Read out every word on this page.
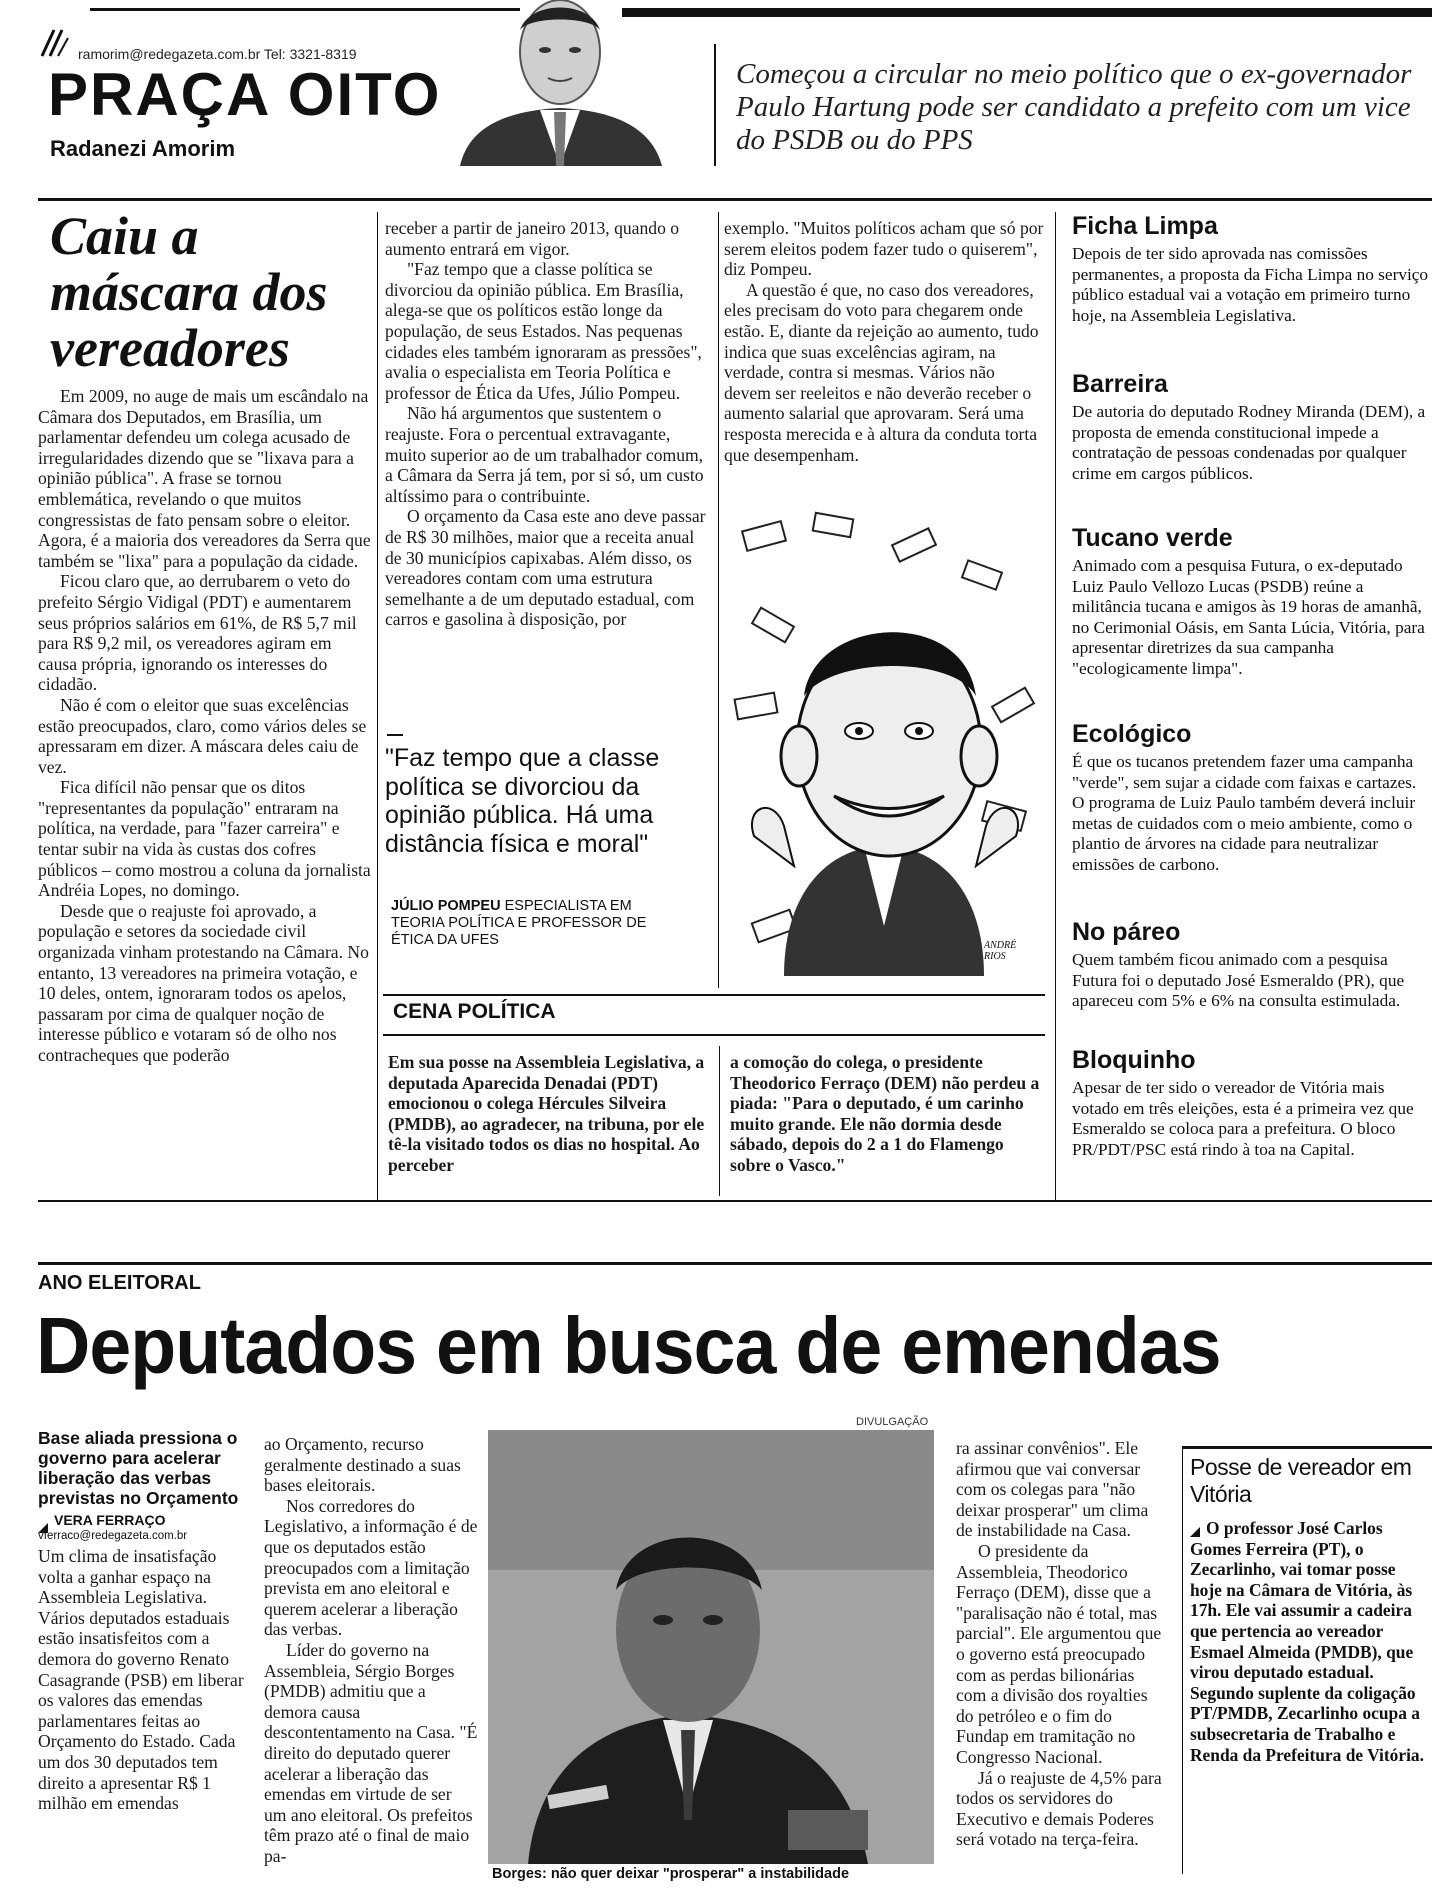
ramorim@redegazeta.com.br Tel: 3321-8319
PRAÇA OITO
Radanezi Amorim
Começou a circular no meio político que o ex-governador Paulo Hartung pode ser candidato a prefeito com um vice do PSDB ou do PPS
Caiu a máscara dos vereadores

Em 2009, no auge de mais um escândalo na Câmara dos Deputados, em Brasília, um parlamentar defendeu um colega acusado de irregularidades dizendo que se "lixava para a opinião pública". A frase se tornou emblemática, revelando o que muitos congressistas de fato pensam sobre o eleitor. Agora, é a maioria dos vereadores da Serra que também se "lixa" para a população da cidade.

Ficou claro que, ao derrubarem o veto do prefeito Sérgio Vidigal (PDT) e aumentarem seus próprios salários em 61%, de R$ 5,7 mil para R$ 9,2 mil, os vereadores agiram em causa própria, ignorando os interesses do cidadão.

Não é com o eleitor que suas excelências estão preocupados, claro, como vários deles se apressaram em dizer. A máscara deles caiu de vez.

Fica difícil não pensar que os ditos "representantes da população" entraram na política, na verdade, para "fazer carreira" e tentar subir na vida às custas dos cofres públicos – como mostrou a coluna da jornalista Andréia Lopes, no domingo.

Desde que o reajuste foi aprovado, a população e setores da sociedade civil organizada vinham protestando na Câmara. No entanto, 13 vereadores na primeira votação, e 10 deles, ontem, ignoraram todos os apelos, passaram por cima de qualquer noção de interesse público e votaram só de olho nos contracheques que poderão

receber a partir de janeiro 2013, quando o aumento entrará em vigor.

"Faz tempo que a classe política se divorciou da opinião pública. Em Brasília, alega-se que os políticos estão longe da população, de seus Estados. Nas pequenas cidades eles também ignoraram as pressões", avalia o especialista em Teoria Política e professor de Ética da Ufes, Júlio Pompeu.

Não há argumentos que sustentem o reajuste. Fora o percentual extravagante, muito superior ao de um trabalhador comum, a Câmara da Serra já tem, por si só, um custo altíssimo para o contribuinte.

O orçamento da Casa este ano deve passar de R$ 30 milhões, maior que a receita anual de 30 municípios capixabas. Além disso, os vereadores contam com uma estrutura semelhante a de um deputado estadual, com carros e gasolina à disposição, por

"Faz tempo que a classe política se divorciou da opinião pública. Há uma distância física e moral"
JÚLIO POMPEU ESPECIALISTA EM TEORIA POLÍTICA E PROFESSOR DE ÉTICA DA UFES

exemplo. "Muitos políticos acham que só por serem eleitos podem fazer tudo o quiserem", diz Pompeu.

A questão é que, no caso dos vereadores, eles precisam do voto para chegarem onde estão. E, diante da rejeição ao aumento, tudo indica que suas excelências agiram, na verdade, contra si mesmas. Vários não devem ser reeleitos e não deverão receber o aumento salarial que aprovaram. Será uma resposta merecida e à altura da conduta torta que desempenham.

ANDRÉ RIOS
CENA POLÍTICA
Em sua posse na Assembleia Legislativa, a deputada Aparecida Denadai (PDT) emocionou o colega Hércules Silveira (PMDB), ao agradecer, na tribuna, por ele tê-la visitado todos os dias no hospital. Ao perceber
a comoção do colega, o presidente Theodorico Ferraço (DEM) não perdeu a piada: "Para o deputado, é um carinho muito grande. Ele não dormia desde sábado, depois do 2 a 1 do Flamengo sobre o Vasco."
Ficha Limpa
Depois de ter sido aprovada nas comissões permanentes, a proposta da Ficha Limpa no serviço público estadual vai a votação em primeiro turno hoje, na Assembleia Legislativa.
Barreira
De autoria do deputado Rodney Miranda (DEM), a proposta de emenda constitucional impede a contratação de pessoas condenadas por qualquer crime em cargos públicos.
Tucano verde
Animado com a pesquisa Futura, o ex-deputado Luiz Paulo Vellozo Lucas (PSDB) reúne a militância tucana e amigos às 19 horas de amanhã, no Cerimonial Oásis, em Santa Lúcia, Vitória, para apresentar diretrizes da sua campanha "ecologicamente limpa".
Ecológico
É que os tucanos pretendem fazer uma campanha "verde", sem sujar a cidade com faixas e cartazes. O programa de Luiz Paulo também deverá incluir metas de cuidados com o meio ambiente, como o plantio de árvores na cidade para neutralizar emissões de carbono.
No páreo
Quem também ficou animado com a pesquisa Futura foi o deputado José Esmeraldo (PR), que apareceu com 5% e 6% na consulta estimulada.
Bloquinho
Apesar de ter sido o vereador de Vitória mais votado em três eleições, esta é a primeira vez que Esmeraldo se coloca para a prefeitura. O bloco PR/PDT/PSC está rindo à toa na Capital.
ANO ELEITORAL
Deputados em busca de emendas
Base aliada pressiona o governo para acelerar liberação das verbas previstas no Orçamento
VERA FERRAÇO
vferraco@redegazeta.com.br

Um clima de insatisfação volta a ganhar espaço na Assembleia Legislativa. Vários deputados estaduais estão insatisfeitos com a demora do governo Renato Casagrande (PSB) em liberar os valores das emendas parlamentares feitas ao Orçamento do Estado. Cada um dos 30 deputados tem direito a apresentar R$ 1 milhão em emendas

ao Orçamento, recurso geralmente destinado a suas bases eleitorais.

Nos corredores do Legislativo, a informação é de que os deputados estão preocupados com a limitação prevista em ano eleitoral e querem acelerar a liberação das verbas.

Líder do governo na Assembleia, Sérgio Borges (PMDB) admitiu que a demora causa descontentamento na Casa. "É direito do deputado querer acelerar a liberação das emendas em virtude de ser um ano eleitoral. Os prefeitos têm prazo até o final de maio pa-

DIVULGAÇÃO
Borges: não quer deixar "prosperar" a instabilidade

ra assinar convênios". Ele afirmou que vai conversar com os colegas para "não deixar prosperar" um clima de instabilidade na Casa.

O presidente da Assembleia, Theodorico Ferraço (DEM), disse que a "paralisação não é total, mas parcial". Ele argumentou que o governo está preocupado com as perdas bilionárias com a divisão dos royalties do petróleo e o fim do Fundap em tramitação no Congresso Nacional.

Já o reajuste de 4,5% para todos os servidores do Executivo e demais Poderes será votado na terça-feira.

Posse de vereador em Vitória
O professor José Carlos Gomes Ferreira (PT), o Zecarlinho, vai tomar posse hoje na Câmara de Vitória, às 17h. Ele vai assumir a cadeira que pertencia ao vereador Esmael Almeida (PMDB), que virou deputado estadual. Segundo suplente da coligação PT/PMDB, Zecarlinho ocupa a subsecretaria de Trabalho e Renda da Prefeitura de Vitória.
